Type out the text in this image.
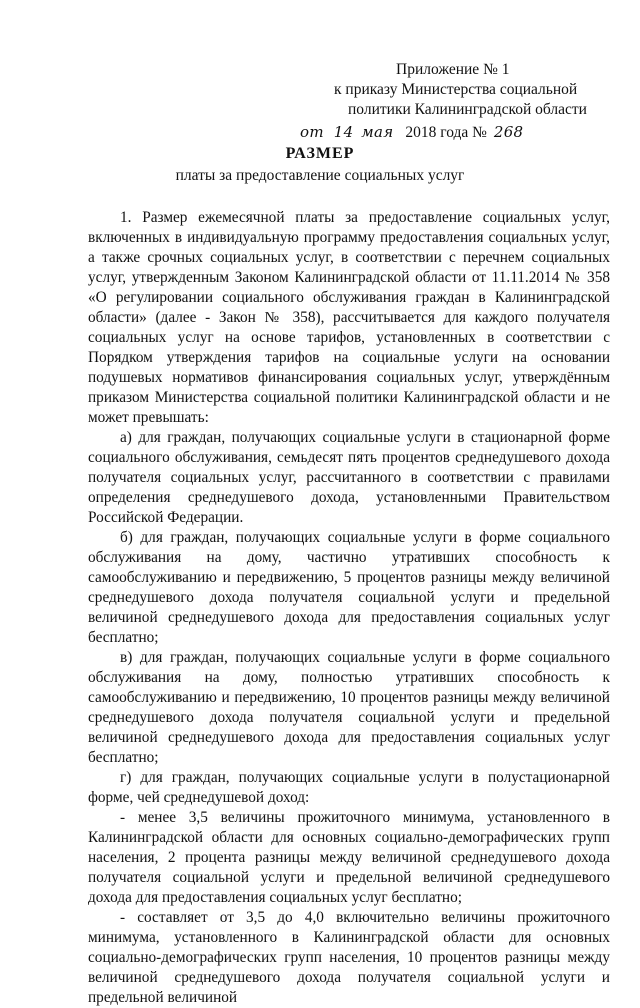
Приложение № 1
к приказу Министерства социальной
политики Калининградской области
от 14 мая 2018 года № 268
РАЗМЕР
платы за предоставление социальных услуг

1. Размер ежемесячной платы за предоставление социальных услуг, включенных в индивидуальную программу предоставления социальных услуг, а также срочных социальных услуг, в соответствии с перечнем социальных услуг, утвержденным Законом Калининградской области от 11.11.2014 № 358 «О регулировании социального обслуживания граждан в Калининградской области» (далее - Закон № 358), рассчитывается для каждого получателя социальных услуг на основе тарифов, установленных в соответствии с Порядком утверждения тарифов на социальные услуги на основании подушевых нормативов финансирования социальных услуг, утверждённым приказом Министерства социальной политики Калининградской области и не может превышать:

а) для граждан, получающих социальные услуги в стационарной форме социального обслуживания, семьдесят пять процентов среднедушевого дохода получателя социальных услуг, рассчитанного в соответствии с правилами определения среднедушевого дохода, установленными Правительством Российской Федерации.

б) для граждан, получающих социальные услуги в форме социального обслуживания на дому, частично утративших способность к самообслуживанию и передвижению, 5 процентов разницы между величиной среднедушевого дохода получателя социальной услуги и предельной величиной среднедушевого дохода для предоставления социальных услуг бесплатно;

в) для граждан, получающих социальные услуги в форме социального обслуживания на дому, полностью утративших способность к самообслуживанию и передвижению, 10 процентов разницы между величиной среднедушевого дохода получателя социальной услуги и предельной величиной среднедушевого дохода для предоставления социальных услуг бесплатно;

г) для граждан, получающих социальные услуги в полустационарной форме, чей среднедушевой доход:

- менее 3,5 величины прожиточного минимума, установленного в Калининградской области для основных социально-демографических групп населения, 2 процента разницы между величиной среднедушевого дохода получателя социальной услуги и предельной величиной среднедушевого дохода для предоставления социальных услуг бесплатно;

- составляет от 3,5 до 4,0 включительно величины прожиточного минимума, установленного в Калининградской области для основных социально-демографических групп населения, 10 процентов разницы между величиной среднедушевого дохода получателя социальной услуги и предельной величиной
